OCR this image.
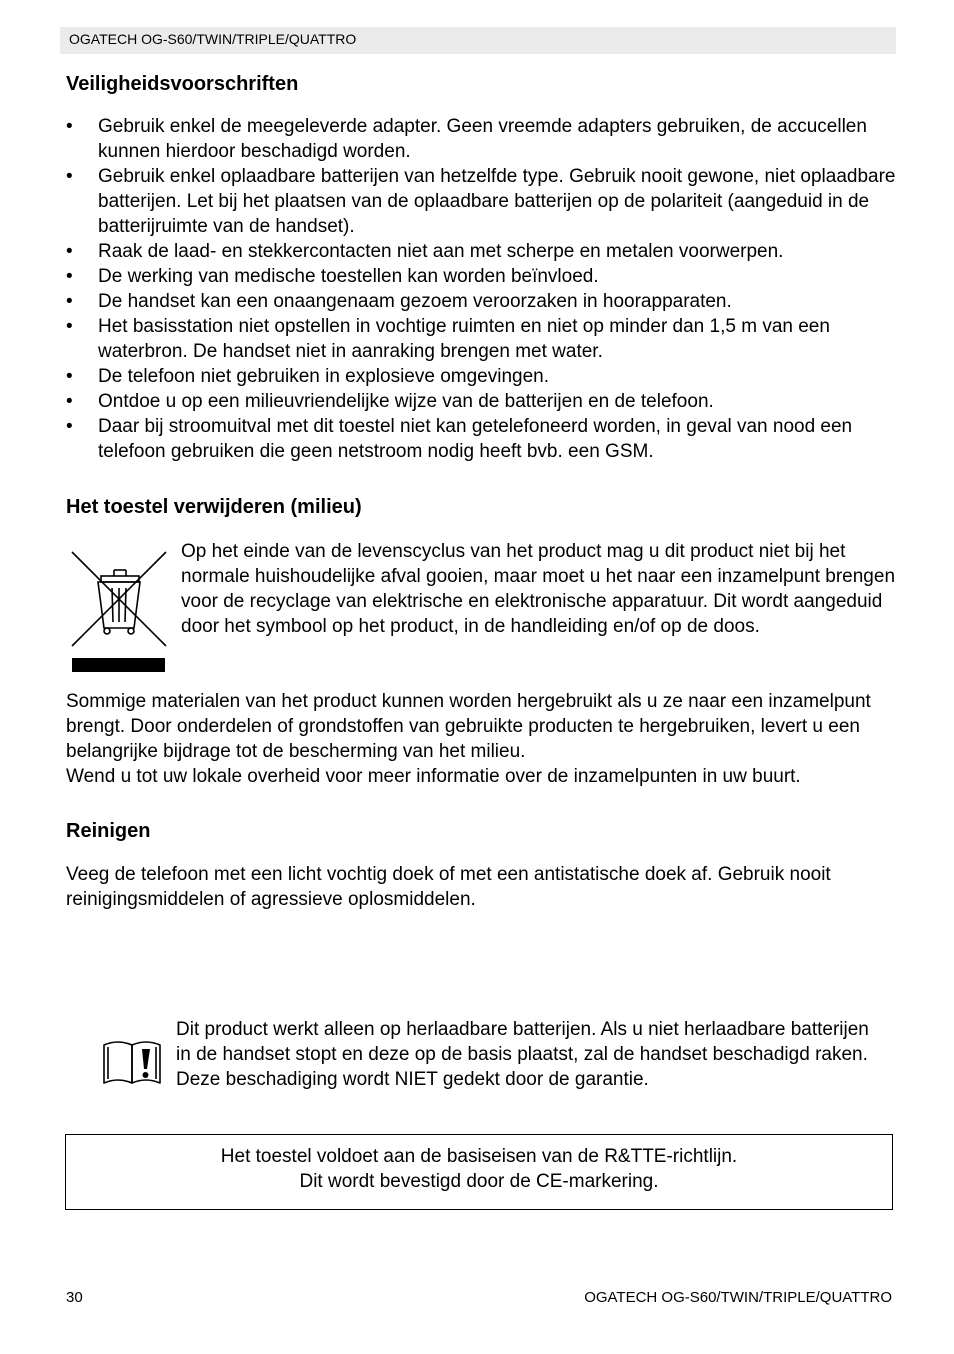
OGATECH OG-S60/TWIN/TRIPLE/QUATTRO
Veiligheidsvoorschriften
• Gebruik enkel de meegeleverde adapter. Geen vreemde adapters gebruiken, de accucellen kunnen hierdoor beschadigd worden.
• Gebruik enkel oplaadbare batterijen van hetzelfde type. Gebruik nooit gewone, niet oplaadbare batterijen. Let bij het plaatsen van de oplaadbare batterijen op de polariteit (aangeduid in de batterijruimte van de handset).
• Raak de laad- en stekkercontacten niet aan met scherpe en metalen voorwerpen.
• De werking van medische toestellen kan worden beïnvloed.
• De handset kan een onaangenaam gezoem veroorzaken in hoorapparaten.
• Het basisstation niet opstellen in vochtige ruimten en niet op minder dan 1,5 m van een waterbron. De handset niet in aanraking brengen met water.
• De telefoon niet gebruiken in explosieve omgevingen.
• Ontdoe u op een milieuvriendelijke wijze van de batterijen en de telefoon.
• Daar bij stroomuitval met dit toestel niet kan getelefoneerd worden, in geval van nood een telefoon gebruiken die geen netstroom nodig heeft bvb. een GSM.
Het toestel verwijderen (milieu)
Op het einde van de levenscyclus van het product mag u dit product niet bij het normale huishoudelijke afval gooien, maar moet u het naar een inzamelpunt brengen voor de recyclage van elektrische en elektronische apparatuur. Dit wordt aangeduid door het symbool op het product, in de handleiding en/of op de doos.
Sommige materialen van het product kunnen worden hergebruikt als u ze naar een inzamelpunt brengt. Door onderdelen of grondstoffen van gebruikte producten te hergebruiken, levert u een belangrijke bijdrage tot de bescherming van het milieu.
Wend u tot uw lokale overheid voor meer informatie over de inzamelpunten in uw buurt.
Reinigen
Veeg de telefoon met een licht vochtig doek of met een antistatische doek af. Gebruik nooit reinigingsmiddelen of agressieve oplosmiddelen.
Dit product werkt alleen op herlaadbare batterijen. Als u niet herlaadbare batterijen in de handset stopt en deze op de basis plaatst, zal de handset beschadigd raken. Deze beschadiging wordt NIET gedekt door de garantie.
Het toestel voldoet aan de basiseisen van de R&TTE-richtlijn.
Dit wordt bevestigd door de CE-markering.
30	OGATECH OG-S60/TWIN/TRIPLE/QUATTRO
